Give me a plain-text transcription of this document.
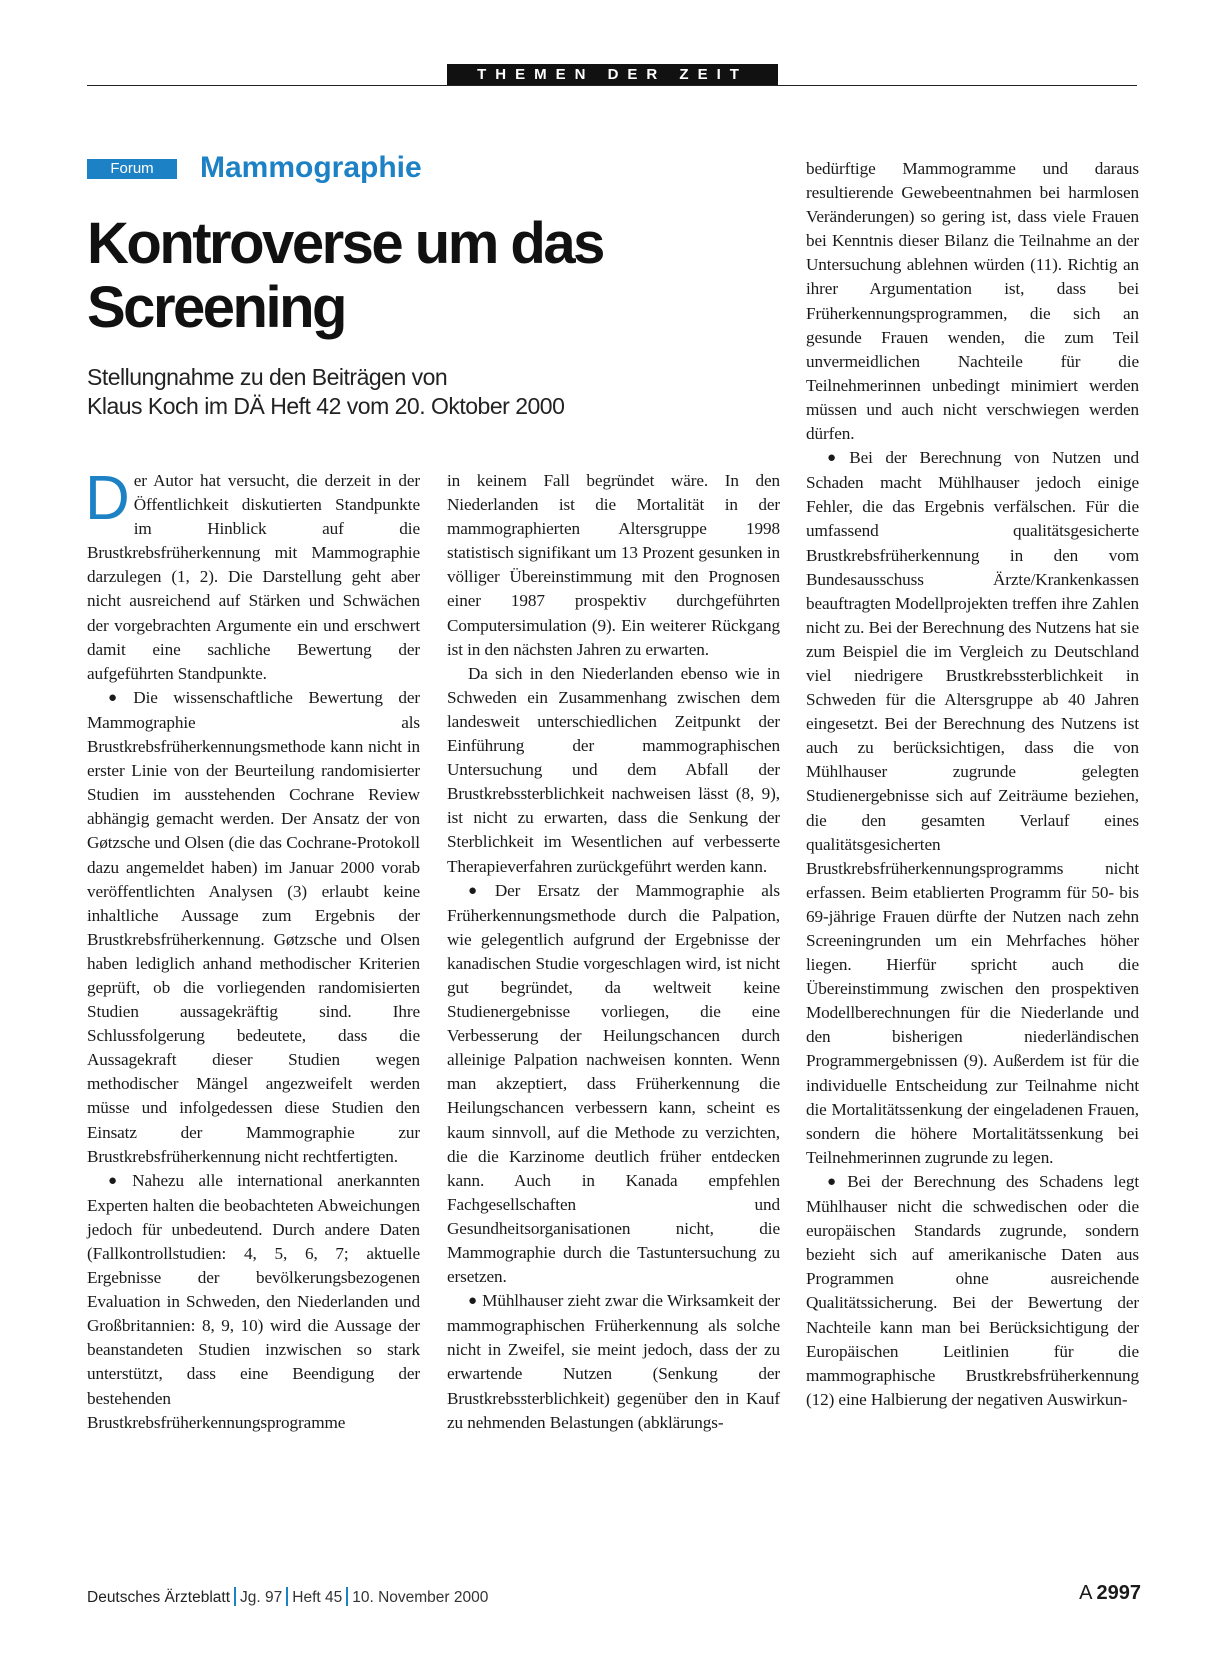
THEMEN DER ZEIT
Forum	Mammographie
Kontroverse um das Screening
Stellungnahme zu den Beiträgen von
Klaus Koch im DÄ Heft 42 vom 20. Oktober 2000

Der Autor hat versucht, die derzeit in der Öffentlichkeit diskutierten Standpunkte im Hinblick auf die Brustkrebsfrüherkennung mit Mammographie darzulegen (1, 2). Die Darstellung geht aber nicht ausreichend auf Stärken und Schwächen der vorgebrachten Argumente ein und erschwert damit eine sachliche Bewertung der aufgeführten Standpunkte.

● Die wissenschaftliche Bewertung der Mammographie als Brustkrebsfrüherkennungsmethode kann nicht in erster Linie von der Beurteilung randomisierter Studien im ausstehenden Cochrane Review abhängig gemacht werden. Der Ansatz der von Gøtzsche und Olsen (die das Cochrane-Protokoll dazu angemeldet haben) im Januar 2000 vorab veröffentlichten Analysen (3) erlaubt keine inhaltliche Aussage zum Ergebnis der Brustkrebsfrüherkennung. Gøtzsche und Olsen haben lediglich anhand methodischer Kriterien geprüft, ob die vorliegenden randomisierten Studien aussagekräftig sind. Ihre Schlussfolgerung bedeutete, dass die Aussagekraft dieser Studien wegen methodischer Mängel angezweifelt werden müsse und infolgedessen diese Studien den Einsatz der Mammographie zur Brustkrebsfrüherkennung nicht rechtfertigten.

● Nahezu alle international anerkannten Experten halten die beobachteten Abweichungen jedoch für unbedeutend. Durch andere Daten (Fallkontrollstudien: 4, 5, 6, 7; aktuelle Ergebnisse der bevölkerungsbezogenen Evaluation in Schweden, den Niederlanden und Großbritannien: 8, 9, 10) wird die Aussage der beanstandeten Studien inzwischen so stark unterstützt, dass eine Beendigung der bestehenden Brustkrebsfrüherkennungsprogramme

in keinem Fall begründet wäre. In den Niederlanden ist die Mortalität in der mammographierten Altersgruppe 1998 statistisch signifikant um 13 Prozent gesunken in völliger Übereinstimmung mit den Prognosen einer 1987 prospektiv durchgeführten Computersimulation (9). Ein weiterer Rückgang ist in den nächsten Jahren zu erwarten.

Da sich in den Niederlanden ebenso wie in Schweden ein Zusammenhang zwischen dem landesweit unterschiedlichen Zeitpunkt der Einführung der mammographischen Untersuchung und dem Abfall der Brustkrebssterblichkeit nachweisen lässt (8, 9), ist nicht zu erwarten, dass die Senkung der Sterblichkeit im Wesentlichen auf verbesserte Therapieverfahren zurückgeführt werden kann.

● Der Ersatz der Mammographie als Früherkennungsmethode durch die Palpation, wie gelegentlich aufgrund der Ergebnisse der kanadischen Studie vorgeschlagen wird, ist nicht gut begründet, da weltweit keine Studienergebnisse vorliegen, die eine Verbesserung der Heilungschancen durch alleinige Palpation nachweisen konnten. Wenn man akzeptiert, dass Früherkennung die Heilungschancen verbessern kann, scheint es kaum sinnvoll, auf die Methode zu verzichten, die die Karzinome deutlich früher entdecken kann. Auch in Kanada empfehlen Fachgesellschaften und Gesundheitsorganisationen nicht, die Mammographie durch die Tastuntersuchung zu ersetzen.

● Mühlhauser zieht zwar die Wirksamkeit der mammographischen Früherkennung als solche nicht in Zweifel, sie meint jedoch, dass der zu erwartende Nutzen (Senkung der Brustkrebssterblichkeit) gegenüber den in Kauf zu nehmenden Belastungen (abklärungs-

bedürftige Mammogramme und daraus resultierende Gewebeentnahmen bei harmlosen Veränderungen) so gering ist, dass viele Frauen bei Kenntnis dieser Bilanz die Teilnahme an der Untersuchung ablehnen würden (11). Richtig an ihrer Argumentation ist, dass bei Früherkennungsprogrammen, die sich an gesunde Frauen wenden, die zum Teil unvermeidlichen Nachteile für die Teilnehmerinnen unbedingt minimiert werden müssen und auch nicht verschwiegen werden dürfen.

● Bei der Berechnung von Nutzen und Schaden macht Mühlhauser jedoch einige Fehler, die das Ergebnis verfälschen. Für die umfassend qualitätsgesicherte Brustkrebsfrüherkennung in den vom Bundesausschuss Ärzte/Krankenkassen beauftragten Modellprojekten treffen ihre Zahlen nicht zu. Bei der Berechnung des Nutzens hat sie zum Beispiel die im Vergleich zu Deutschland viel niedrigere Brustkrebssterblichkeit in Schweden für die Altersgruppe ab 40 Jahren eingesetzt. Bei der Berechnung des Nutzens ist auch zu berücksichtigen, dass die von Mühlhauser zugrunde gelegten Studienergebnisse sich auf Zeiträume beziehen, die den gesamten Verlauf eines qualitätsgesicherten Brustkrebsfrüherkennungsprogramms nicht erfassen. Beim etablierten Programm für 50- bis 69-jährige Frauen dürfte der Nutzen nach zehn Screeningrunden um ein Mehrfaches höher liegen. Hierfür spricht auch die Übereinstimmung zwischen den prospektiven Modellberechnungen für die Niederlande und den bisherigen niederländischen Programmergebnissen (9). Außerdem ist für die individuelle Entscheidung zur Teilnahme nicht die Mortalitätssenkung der eingeladenen Frauen, sondern die höhere Mortalitätssenkung bei Teilnehmerinnen zugrunde zu legen.

● Bei der Berechnung des Schadens legt Mühlhauser nicht die schwedischen oder die europäischen Standards zugrunde, sondern bezieht sich auf amerikanische Daten aus Programmen ohne ausreichende Qualitätssicherung. Bei der Bewertung der Nachteile kann man bei Berücksichtigung der Europäischen Leitlinien für die mammographische Brustkrebsfrüherkennung (12) eine Halbierung der negativen Auswirkun-

Deutsches Ärzteblatt Jg. 97 Heft 45 10. November 2000	A 2997
